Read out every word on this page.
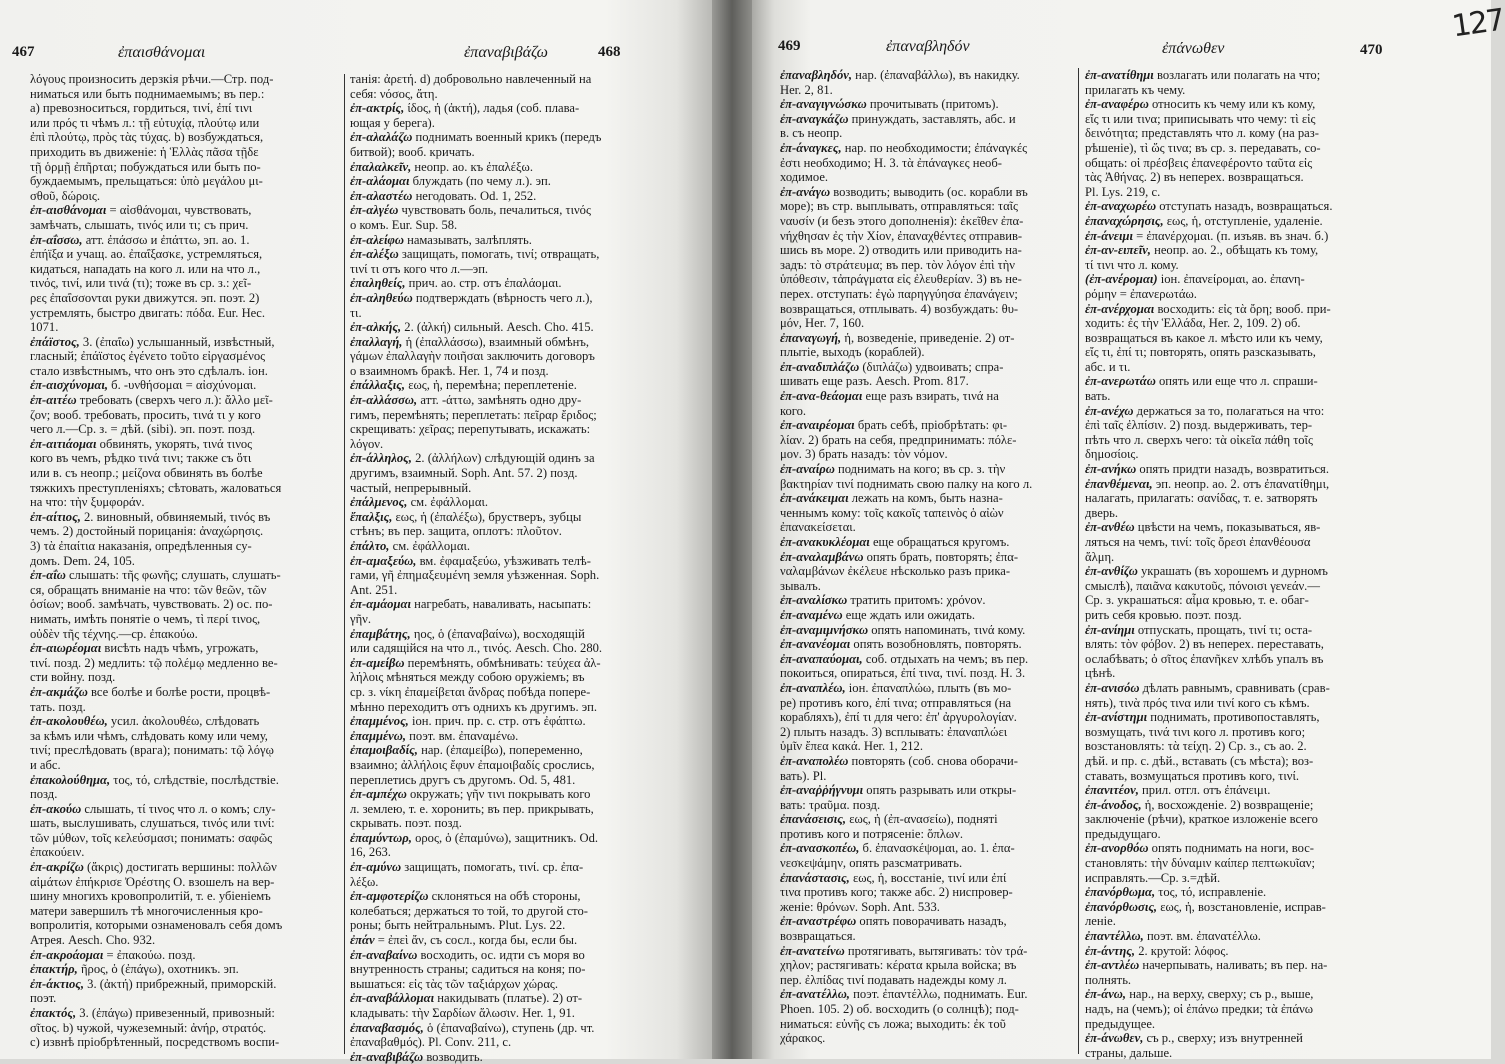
467	ἐπαισθάνομαι	ἐπαναβιβάζω	468	469	ἐπαναβληδόν	ἐπάνωθεν	470
127
λόγους произносить дерзкія рѣчи.—Стр. под-
ниматься или быть поднимаемымъ; въ пер.:
а) превозноситься, гордиться, τινί, ἐπί τινι
или πρός τι чѣмъ л.: τῇ εὐτυχίᾳ, πλούτῳ или
ἐπὶ πλούτῳ, πρὸς τὰς τύχας. b) возбуждаться,
приходить въ движеніе: ἡ Ἑλλὰς πᾶσα τῇδε
τῇ ὁρμῇ ἐπῆρται; побуждаться или быть по-
буждаемымъ, прельщаться: ὑπὸ μεγάλου μι-
σθοῦ, δώροις.
ἐπ-αισθάνομαι = αἰσθάνομαι, чувствовать,
замѣчать, слышать, τινός или τι; съ прич.
ἐπ-αΐσσω, атт. ἐπάσσω и ἐπάττω, эп. ао. 1.
ἐπήϊξα и учащ. ао. ἐπαΐξασκε, устремляться,
кидаться, нападать на кого л. или на что л.,
τινός, τινί, или τινά (τι); тоже въ ср. з.: χεῖ-
ρες ἐπαΐσσονται руки движутся. эп. поэт. 2)
устремлять, быстро двигать: πόδα. Eur. Hec.
1071.
ἐπάϊστος, 3. (ἐπαΐω) услышанный, извѣстный,
гласный; ἐπάϊστος ἐγένετο τοῦτο εἰργασμένος
стало извѣстнымъ, что онъ это сдѣлалъ. іон.
ἐπ-αισχύνομαι, б. -υνθήσομαι = αἰσχύνομαι.
ἐπ-αιτέω требовать (сверхъ чего л.): ἄλλο μεῖ-
ζον; вооб. требовать, просить, τινά τι у кого
чего л.—Ср. з. = дѣй. (sibi). эп. поэт. позд.
ἐπ-αιτιάομαι обвинять, укорять, τινά τινος
кого въ чемъ, рѣдко τινά τινι; также съ ὅτι
или в. съ неопр.; μείζονα обвинять въ болѣе
тяжкихъ преступленіяхъ; сѣтовать, жаловаться
на что: τὴν ξυμφοράν.
ἐπ-αίτιος, 2. виновный, обвиняемый, τινός въ
чемъ. 2) достойный порицанія: ἀναχώρησις.
3) τὰ ἐπαίτια наказанія, опредѣленныя су-
домъ. Dem. 24, 105.
ἐπ-αΐω слышать: τῆς φωνῆς; слушать, слушать-
ся, обращать вниманіе на что: τῶν θεῶν, τῶν
ὁσίων; вооб. замѣчать, чувствовать. 2) ос. по-
нимать, имѣть понятіе о чемъ, τὶ περί τινος,
οὐδὲν τῆς τέχνης.—ср. ἐπακούω.
ἐπ-αιωρέομαι висѣть надъ чѣмъ, угрожать,
τινί. позд. 2) медлить: τῷ πολέμῳ медленно ве-
сти войну. позд.
ἐπ-ακμάζω все болѣе и болѣе рости, процвѣ-
тать. позд.
ἐπ-ακολουθέω, усил. ἀκολουθέω, слѣдовать
за кѣмъ или чѣмъ, слѣдовать кому или чему,
τινί; преслѣдовать (врага); понимать: τῷ λόγῳ
и абс.
ἐπακολούθημα, τος, τό, слѣдствіе, послѣдствіе.
позд.
ἐπ-ακούω слышать, τί τινος что л. о комъ; слу-
шать, выслушивать, слушаться, τινός или τινί:
τῶν μύθων, τοῖς κελεύσμασι; понимать: σαφῶς
ἐπακούειν.
ἐπ-ακρίζω (ἄκρις) достигать вершины: πολλῶν
αἱμάτων ἐπήκρισε Ὀρέστης О. взошелъ на вер-
шину многихъ кровопролитій, т. е. убіеніемъ
матери завершилъ тѣ многочисленныя кро-
вопролитія, которыми ознаменовалъ себя домъ
Атрея. Aesch. Cho. 932.
ἐπ-ακροάομαι = ἐπακούω. позд.
ἐπακτήρ, ῆρος, ὁ (ἐπάγω), охотникъ. эп.
ἐπ-άκτιος, 3. (ἀκτή) прибрежный, приморскій.
поэт.
ἐπακτός, 3. (ἐπάγω) привезенный, привозный:
σῖτος. b) чужой, чужеземный: ἀνήρ, στρατός.
c) извнѣ пріобрѣтенный, посредствомъ воспи-
танія: ἀρετή. d) добровольно навлеченный на
себя: νόσος, ἄτη.
ἐπ-ακτρίς, ίδος, ἡ (ἀκτή), ладья (соб. плава-
ющая у берега).
ἐπ-αλαλάζω поднимать военный крикъ (передъ
битвой); вооб. кричать.
ἐπαλαλκεῖν, неопр. ао. къ ἐπαλέξω.
ἐπ-αλάομαι блуждать (по чему л.). эп.
ἐπ-αλαστέω негодовать. Od. 1, 252.
ἐπ-αλγέω чувствовать боль, печалиться, τινός
о комъ. Eur. Sup. 58.
ἐπ-αλείφω намазывать, залѣплять.
ἐπ-αλέξω защищать, помогать, τινί; отвращать,
τινί τι отъ кого что л.—эп.
ἐπαληθείς, прич. ао. стр. отъ ἐπαλάομαι.
ἐπ-αληθεύω подтверждать (вѣрность чего л.),
τι.
ἐπ-αλκής, 2. (ἀλκή) сильный. Aesch. Cho. 415.
ἐπαλλαγή, ἡ (ἐπαλλάσσω), взаимный обмѣнъ,
γάμων ἐπαλλαγὴν ποιῆσαι заключить договоръ
о взаимномъ бракѣ. Her. 1, 74 и позд.
ἐπάλλαξις, εως, ἡ, перемѣна; переплетеніе.
ἐπ-αλλάσσω, атт. -άττω, замѣнять одно дру-
гимъ, перемѣнять; переплетать: πεῖραρ ἔριδος;
скрещивать: χεῖρας; перепутывать, искажать:
λόγον.
ἐπ-άλληλος, 2. (ἀλλήλων) слѣдующій одинъ за
другимъ, взаимный. Soph. Ant. 57. 2) позд.
частый, непрерывный.
ἐπάλμενος, см. ἐφάλλομαι.
ἔπαλξις, εως, ἡ (ἐπαλέξω), брустверъ, зубцы
стѣнъ; въ пер. защита, оплотъ: πλοῦτον.
ἐπάλτο, см. ἐφάλλομαι.
ἐπ-αμαξεύω, вм. ἐφαμαξεύω, уѣзживать телѣ-
гами, γῆ ἐπημαξευμένη земля уѣзженная. Soph.
Ant. 251.
ἐπ-αμάομαι нагребать, наваливать, насыпать:
γῆν.
ἐπαμβάτης, ηος, ὁ (ἐπαναβαίνω), восходящій
или садящійся на что л., τινός. Aesch. Cho. 280.
ἐπ-αμείβω перемѣнять, обмѣнивать: τεύχεα ἀλ-
λήλοις мѣняться между собою оружіемъ; въ
ср. з. νίκη ἐπαμείβεται ἄνδρας побѣда попере-
мѣнно переходитъ отъ однихъ къ другимъ. эп.
ἐπαμμένος, іон. прич. пр. с. стр. отъ ἐφάπτω.
ἐπαμμένω, поэт. вм. ἐπαναμένω.
ἐπαμοιβαδίς, нар. (ἐπαμείβω), попеременно,
взаимно; ἀλλήλοις ἔφυν ἐπαμοιβαδίς срослись,
переплетись другъ съ другомъ. Od. 5, 481.
ἐπ-αμπέχω окружать; γῆν τινι покрывать кого
л. землею, т. е. хоронить; въ пер. прикрывать,
скрывать. поэт. позд.
ἐπαμύντωρ, ορος, ὁ (ἐπαμύνω), защитникъ. Od.
16, 263.
ἐπ-αμύνω защищать, помогать, τινί. ср. ἐπα-
λέξω.
ἐπ-αμφοτερίζω склоняться на обѣ стороны,
колебаться; держаться то той, то другой сто-
роны; быть нейтральнымъ. Plut. Lys. 22.
ἐπάν = ἐπεὶ ἄν, съ сосл., когда бы, если бы.
ἐπ-αναβαίνω восходить, ос. идти съ моря во
внутренность страны; садиться на коня; по-
вышаться: εἰς τὰς τῶν ταξιάρχων χώρας.
ἐπ-αναβάλλομαι накидывать (платье). 2) от-
кладывать: τὴν Σαρδίων ἅλωσιν. Her. 1, 91.
ἐπαναβασμός, ὁ (ἐπαναβαίνω), ступень (др. чт.
ἐπαναβαθμός). Pl. Conv. 211, c.
ἐπ-αναβιβάζω возводить.
ἐπαναβληδόν, нар. (ἐπαναβάλλω), въ накидку.
Her. 2, 81.
ἐπ-αναγιγνώσκω прочитывать (притомъ).
ἐπ-αναγκάζω принуждать, заставлять, абс. и
в. съ неопр.
ἐπ-άναγκες, нар. по необходимости; ἐπάναγκές
ἐστι необходимо; Н. 3. τὰ ἐπάναγκες необ-
ходимое.
ἐπ-ανάγω возводить; выводить (ос. корабли въ
море); въ стр. выплывать, отправляться: ταῖς
ναυσίν (и безъ этого дополненія): ἐκεῖθεν ἐπα-
νήχθησαν ἐς τὴν Χίον, ἐπαναχθέντες отправив-
шись въ море. 2) отводить или приводить на-
задъ: τὸ στράτευμα; въ пер. τὸν λόγον ἐπὶ τὴν
ὑπόθεσιν, τἀπράγματα εἰς ἐλευθερίαν. 3) въ не-
перех. отступать: ἐγὼ παρηγγύησα ἐπανάγειν;
возвращаться, отплывать. 4) возбуждать: θυ-
μόν, Her. 7, 160.
ἐπαναγωγή, ἡ, возведеніе, приведеніе. 2) от-
плытіе, выходъ (кораблей).
ἐπ-αναδιπλάζω (διπλάζω) удвоивать; спра-
шивать еще разъ. Aesch. Prom. 817.
ἐπ-ανα-θεάομαι еще разъ взирать, τινά на
кого.
ἐπ-αναιρέομαι брать себѣ, пріобрѣтать: φι-
λίαν. 2) брать на себя, предпринимать: πόλε-
μον. 3) брать назадъ: τὸν νόμον.
ἐπ-αναίρω поднимать на кого; въ ср. з. τὴν
βακτηρίαν τινί поднимать свою палку на кого л.
ἐπ-ανάκειμαι лежать на комъ, быть назна-
ченнымъ кому: τοῖς κακοῖς ταπεινὸς ὁ αἰὼν
ἐπανακείσεται.
ἐπ-ανακυκλέομαι еще обращаться кругомъ.
ἐπ-αναλαμβάνω опять брать, повторять; ἐπα-
ναλαμβάνων ἐκέλευε нѣсколько разъ прика-
зывалъ.
ἐπ-αναλίσκω тратить притомъ: χρόνον.
ἐπ-αναμένω еще ждать или ожидать.
ἐπ-αναμιμνήσκω опять напоминать, τινά кому.
ἐπ-ανανέομαι опять возобновлять, повторять.
ἐπ-αναπαύομαι, соб. отдыхать на чемъ; въ пер.
покоиться, опираться, ἐπί τινα, τινί. позд. Н. 3.
ἐπ-αναπλέω, іон. ἐπαναπλώω, плыть (въ мо-
ре) противъ кого, ἐπί τινα; отправляться (на
корабляхъ), ἐπί τι для чего: ἐπ' ἀργυρολογίαν.
2) плыть назадъ. 3) всплывать: ἐπαναπλώει
ὑμῖν ἔπεα κακά. Her. 1, 212.
ἐπ-αναπολέω повторять (соб. снова оборачи-
вать). Pl.
ἐπ-αναῤῥήγνυμι опять разрывать или откры-
вать: τραῦμα. позд.
ἐπανάσεισις, εως, ἡ (ἐπ-ανασείω), подняті
противъ кого и потрясеніе: ὅπλων.
ἐπ-ανασκοπέω, б. ἐπανασκέψομαι, ао. 1. ἐπα-
νεσκεψάμην, опять разсматривать.
ἐπανάστασις, εως, ἡ, восстаніе, τινί или ἐπί
τινα противъ кого; также абс. 2) ниспровер-
женіе: θρόνων. Soph. Ant. 533.
ἐπ-αναστρέφω опять поворачивать назадъ,
возвращаться.
ἐπ-ανατείνω протягивать, вытягивать: τὸν τρά-
χηλον; растягивать: κέρατα крыла войска; въ
пер. ἐλπίδας τινί подавать надежды кому л.
ἐπ-ανατέλλω, поэт. ἐπαντέλλω, поднимать. Eur.
Phoen. 105. 2) об. восходить (о солнцѣ); под-
ниматься: εὐνῆς съ ложа; выходить: ἐκ τοῦ
χάρακος.
ἐπ-ανατίθημι возлагать или полагать на что;
прилагать къ чему.
ἐπ-αναφέρω относить къ чему или къ кому,
εἴς τι или τινα; приписывать что чему: τὶ εἰς
δεινότητα; представлять что л. кому (на раз-
рѣшеніе), τὶ ὥς τινα; въ ср. з. передавать, со-
общать: οἱ πρέσβεις ἐπανεφέροντο ταῦτα εἰς
τὰς Ἀθήνας. 2) въ неперех. возвращаться.
Pl. Lys. 219, c.
ἐπ-αναχωρέω отступать назадъ, возвращаться.
ἐπαναχώρησις, εως, ἡ, отступленіе, удаленіе.
ἐπ-άνειμι = ἐπανέρχομαι. (п. изъяв. въ знач. б.)
ἐπ-αν-ειπεῖν, неопр. ао. 2., обѣщать къ тому,
τί τινι что л. кому.
(ἐπ-ανέρομαι) іон. ἐπανείρομαι, ао. ἐπανη-
ρόμην = ἐπανερωτάω.
ἐπ-ανέρχομαι восходить: εἰς τὰ ὄρη; вооб. при-
ходить: ἐς τὴν Ἑλλάδα, Her. 2, 109. 2) об.
возвращаться въ какое л. мѣсто или къ чему,
εἴς τι, ἐπί τι; повторять, опять разсказывать,
абс. и τι.
ἐπ-ανερωτάω опять или еще что л. спраши-
вать.
ἐπ-ανέχω держаться за то, полагаться на что:
ἐπὶ ταῖς ἐλπίσιν. 2) позд. выдерживать, тер-
пѣть что л. сверхъ чего: τὰ οἰκεῖα πάθη τοῖς
δημοσίοις.
ἐπ-ανήκω опять придти назадъ, возвратиться.
ἐπανθέμεναι, эп. неопр. ао. 2. отъ ἐπανατίθημι,
налагать, прилагать: σανίδας, т. е. затворять
дверь.
ἐπ-ανθέω цвѣсти на чемъ, показываться, яв-
ляться на чемъ, τινί: τοῖς ὄρεσι ἐπανθέουσα
ἅλμη.
ἐπ-ανθίζω украшать (въ хорошемъ и дурномъ
смыслѣ), παιᾶνα κακυτοῦς, πόνοισι γενεάν.—
Ср. з. украшаться: αἷμα кровью, т. е. обаг-
рить себя кровью. поэт. позд.
ἐπ-ανίημι отпускать, прощать, τινί τι; оста-
влять: τὸν φόβον. 2) въ неперех. переставать,
ослабѣвать; ὁ σῖτος ἐπανῆκεν хлѣбъ упалъ въ
цѣнѣ.
ἐπ-ανισόω дѣлать равнымъ, сравнивать (срав-
нять), τινὰ πρός τινα или τινί кого съ кѣмъ.
ἐπ-ανίστημι поднимать, противопоставлять,
возмущать, τινά τινι кого л. противъ кого;
возстановлять: τὰ τείχη. 2) Ср. з., съ ао. 2.
дѣй. и пр. с. дѣй., вставать (съ мѣста); воз-
ставать, возмущаться противъ кого, τινί.
ἐπανιτέον, прил. отгл. отъ ἐπάνειμι.
ἐπ-άνοδος, ἡ, восхожденіе. 2) возвращеніе;
заключеніе (рѣчи), краткое изложеніе всего
предыдущаго.
ἐπ-ανορθόω опять поднимать на ноги, вос-
становлять: τὴν δύναμιν καίπερ πεπτωκυῖαν;
исправлять.—Ср. з.=дѣй.
ἐπανόρθωμα, τος, τό, исправленіе.
ἐπανόρθωσις, εως, ἡ, возстановленіе, исправ-
леніе.
ἐπαντέλλω, поэт. вм. ἐπανατέλλω.
ἐπ-άντης, 2. крутой: λόφος.
ἐπ-αντλέω начерпывать, наливать; въ пер. на-
полнять.
ἐπ-άνω, нар., на верху, сверху; съ р., выше,
надъ, на (чемъ); οἱ ἐπάνω предки; τὰ ἐπάνω
предыдущее.
ἐπ-άνωθεν, съ р., сверху; изъ внутренней
страны, дальше.
